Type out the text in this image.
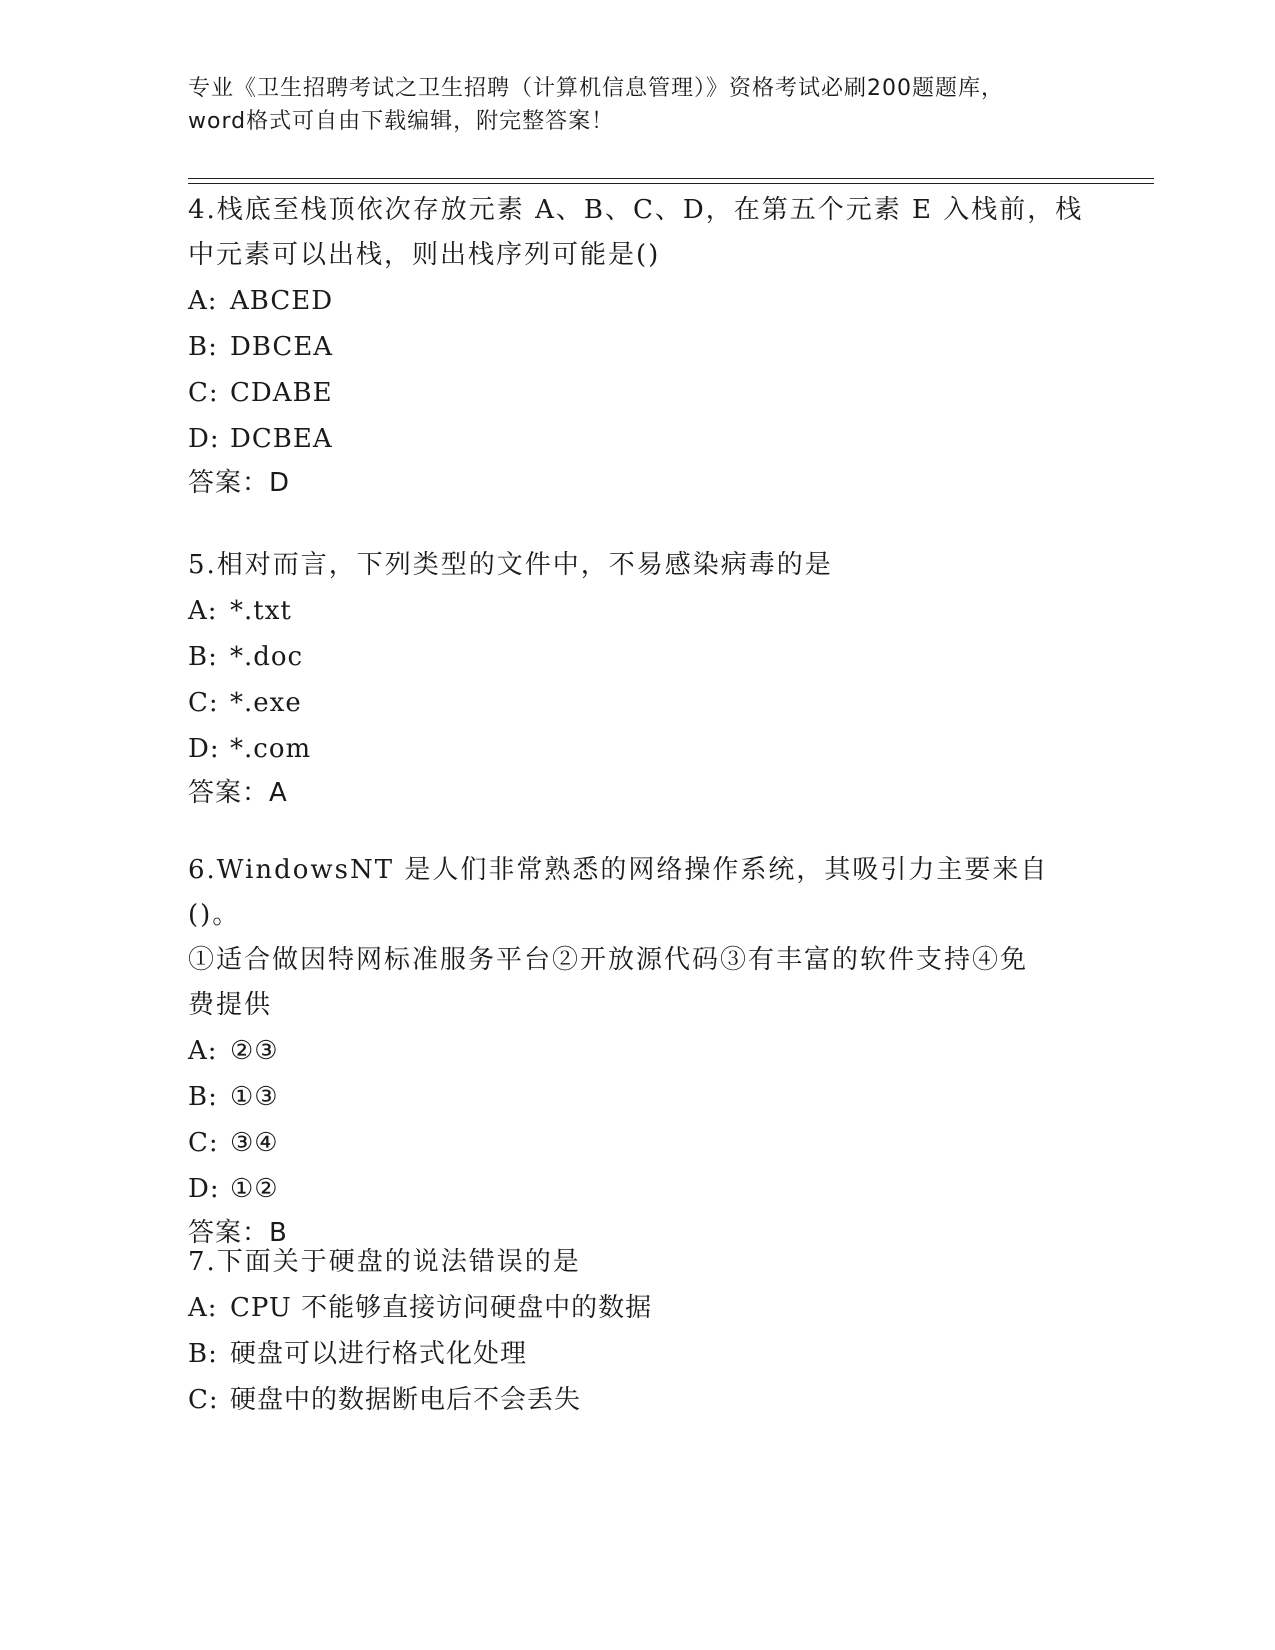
专业《卫生招聘考试之卫生招聘（计算机信息管理）》资格考试必刷200题题库，
word格式可自由下载编辑，附完整答案！

4.栈底至栈顶依次存放元素 A、B、C、D，在第五个元素 E 入栈前，栈

中元素可以出栈，则出栈序列可能是()

A: ABCED

B: DBCEA

C: CDABE

D: DCBEA

答案：D

5.相对而言，下列类型的文件中，不易感染病毒的是

A: *.txt

B: *.doc

C: *.exe

D: *.com

答案：A

6.WindowsNT 是人们非常熟悉的网络操作系统，其吸引力主要来自()。

①适合做因特网标准服务平台②开放源代码③有丰富的软件支持④免

费提供

A: ②③

B: ①③

C: ③④

D: ①②

答案：B

7.下面关于硬盘的说法错误的是

A: CPU 不能够直接访问硬盘中的数据

B: 硬盘可以进行格式化处理

C: 硬盘中的数据断电后不会丢失
